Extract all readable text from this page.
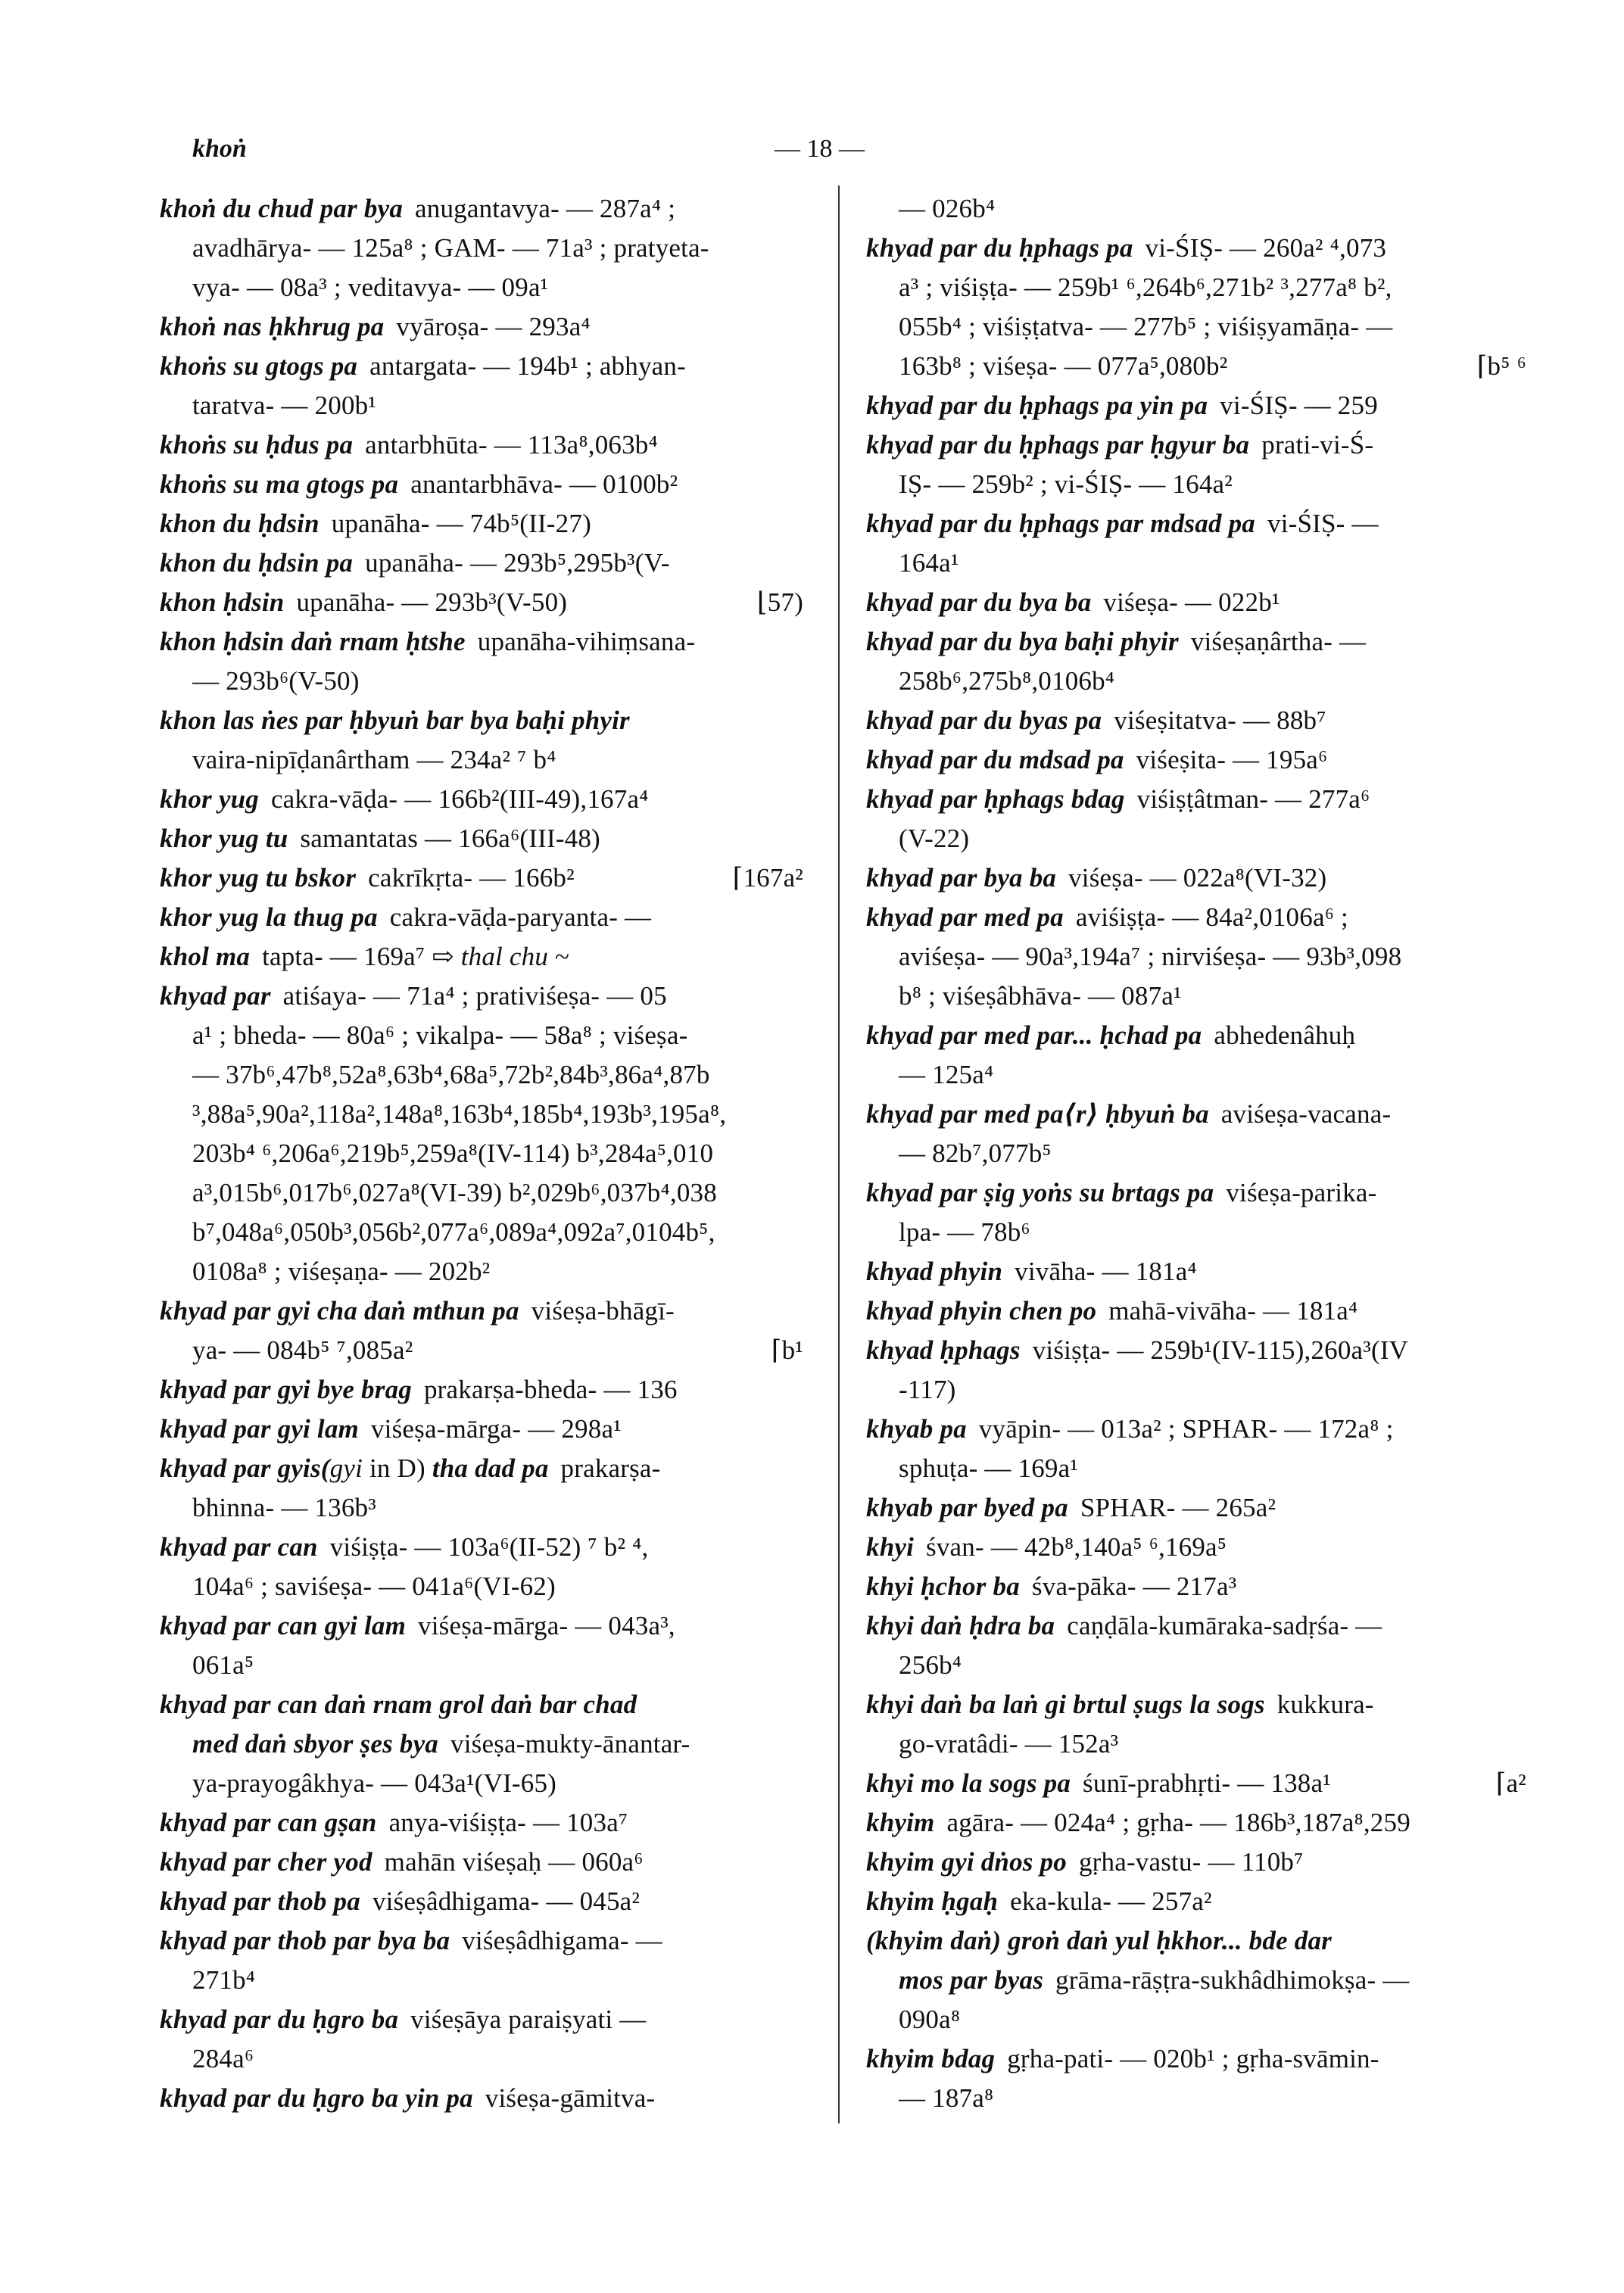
khoṅ	— 18 —
khoṅ du chud par bya anugantavya- — 287a⁴ ;
avadhārya- — 125a⁸ ; GAM- — 71a³ ; pratyeta-
vya- — 08a³ ; veditavya- — 09a¹
khoṅ nas ḥkhrug pa vyāroṣa- — 293a⁴
khoṅs su gtogs pa antargata- — 194b¹ ; abhyan-
taratva- — 200b¹
khoṅs su ḥdus pa antarbhūta- — 113a⁸,063b⁴
khoṅs su ma gtogs pa anantarbhāva- — 0100b²
khon du ḥdsin upanāha- — 74b⁵(II-27)
khon du ḥdsin pa upanāha- — 293b⁵,295b³(V-
khon ḥdsin upanāha- — 293b³(V-50)	⌊57)
khon ḥdsin daṅ rnam ḥtshe upanāha-vihiṃsana-
— 293b⁶(V-50)
khon las ṅes par ḥbyuṅ bar bya baḥi phyir
vaira-nipīḍanârtham — 234a² ⁷ b⁴
khor yug cakra-vāḍa- — 166b²(III-49),167a⁴
khor yug tu samantatas — 166a⁶(III-48)
khor yug tu bskor cakrīkṛta- — 166b²	⌈167a²
khor yug la thug pa cakra-vāḍa-paryanta- —
khol ma tapta- — 169a⁷ ⇨ thal chu ~
khyad par atiśaya- — 71a⁴ ; prativiśeṣa- — 05
a¹ ; bheda- — 80a⁶ ; vikalpa- — 58a⁸ ; viśeṣa-
— 37b⁶,47b⁸,52a⁸,63b⁴,68a⁵,72b²,84b³,86a⁴,87b
³,88a⁵,90a²,118a²,148a⁸,163b⁴,185b⁴,193b³,195a⁸,
203b⁴ ⁶,206a⁶,219b⁵,259a⁸(IV-114) b³,284a⁵,010
a³,015b⁶,017b⁶,027a⁸(VI-39) b²,029b⁶,037b⁴,038
b⁷,048a⁶,050b³,056b²,077a⁶,089a⁴,092a⁷,0104b⁵,
0108a⁸ ; viśeṣaṇa- — 202b²
khyad par gyi cha daṅ mthun pa viśeṣa-bhāgī-
ya- — 084b⁵ ⁷,085a²	⌈b¹
khyad par gyi bye brag prakarṣa-bheda- — 136
khyad par gyi lam viśeṣa-mārga- — 298a¹
khyad par gyis(gyi in D) tha dad pa prakarṣa-
bhinna- — 136b³
khyad par can viśiṣṭa- — 103a⁶(II-52) ⁷ b² ⁴,
104a⁶ ; saviśeṣa- — 041a⁶(VI-62)
khyad par can gyi lam viśeṣa-mārga- — 043a³,
061a⁵
khyad par can daṅ rnam grol daṅ bar chad
med daṅ sbyor ṣes bya viśeṣa-mukty-ānantar-
ya-prayogâkhya- — 043a¹(VI-65)
khyad par can gṣan anya-viśiṣṭa- — 103a⁷
khyad par cher yod mahān viśeṣaḥ — 060a⁶
khyad par thob pa viśeṣâdhigama- — 045a²
khyad par thob par bya ba viśeṣâdhigama- —
271b⁴
khyad par du ḥgro ba viśeṣāya paraiṣyati —
284a⁶
khyad par du ḥgro ba yin pa viśeṣa-gāmitva-
— 026b⁴
khyad par du ḥphags pa vi-ŚIṢ- — 260a² ⁴,073
a³ ; viśiṣṭa- — 259b¹ ⁶,264b⁶,271b² ³,277a⁸ b²,
055b⁴ ; viśiṣṭatva- — 277b⁵ ; viśiṣyamāṇa- —
163b⁸ ; viśeṣa- — 077a⁵,080b²	⌈b⁵ ⁶
khyad par du ḥphags pa yin pa vi-ŚIṢ- — 259
khyad par du ḥphags par ḥgyur ba prati-vi-Ś-
IṢ- — 259b² ; vi-ŚIṢ- — 164a²
khyad par du ḥphags par mdsad pa vi-ŚIṢ- —
164a¹
khyad par du bya ba viśeṣa- — 022b¹
khyad par du bya baḥi phyir viśeṣaṇârtha- —
258b⁶,275b⁸,0106b⁴
khyad par du byas pa viśeṣitatva- — 88b⁷
khyad par du mdsad pa viśeṣita- — 195a⁶
khyad par ḥphags bdag viśiṣṭâtman- — 277a⁶
(V-22)
khyad par bya ba viśeṣa- — 022a⁸(VI-32)
khyad par med pa aviśiṣṭa- — 84a²,0106a⁶ ;
aviśeṣa- — 90a³,194a⁷ ; nirviśeṣa- — 93b³,098
b⁸ ; viśeṣâbhāva- — 087a¹
khyad par med par... ḥchad pa abhedenâhuḥ
— 125a⁴
khyad par med pa⟨r⟩ ḥbyuṅ ba aviśeṣa-vacana-
— 82b⁷,077b⁵
khyad par ṣig yoṅs su brtags pa viśeṣa-parika-
lpa- — 78b⁶
khyad phyin vivāha- — 181a⁴
khyad phyin chen po mahā-vivāha- — 181a⁴
khyad ḥphags viśiṣṭa- — 259b¹(IV-115),260a³(IV
-117)
khyab pa vyāpin- — 013a² ; SPHAR- — 172a⁸ ;
sphuṭa- — 169a¹
khyab par byed pa SPHAR- — 265a²
khyi śvan- — 42b⁸,140a⁵ ⁶,169a⁵
khyi ḥchor ba śva-pāka- — 217a³
khyi daṅ ḥdra ba caṇḍāla-kumāraka-sadṛśa- —
256b⁴
khyi daṅ ba laṅ gi brtul ṣugs la sogs kukkura-
go-vratâdi- — 152a³
khyi mo la sogs pa śunī-prabhṛti- — 138a¹	⌈a²
khyim agāra- — 024a⁴ ; gṛha- — 186b³,187a⁸,259
khyim gyi dṅos po gṛha-vastu- — 110b⁷
khyim ḥgaḥ eka-kula- — 257a²
(khyim daṅ) groṅ daṅ yul ḥkhor... bde dar
mos par byas grāma-rāṣṭra-sukhâdhimokṣa- —
090a⁸
khyim bdag gṛha-pati- — 020b¹ ; gṛha-svāmin-
— 187a⁸
